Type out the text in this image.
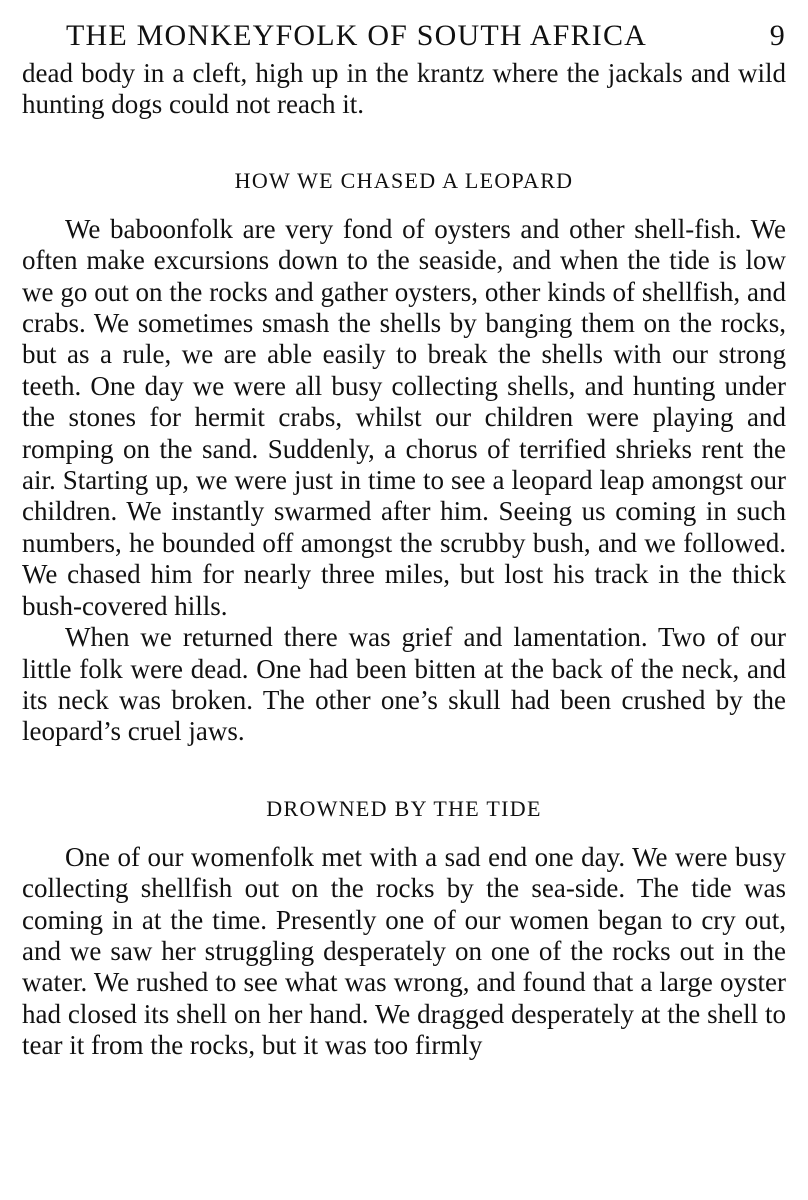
THE MONKEYFOLK OF SOUTH AFRICA	9

dead body in a cleft, high up in the krantz where the jackals and wild hunting dogs could not reach it.

HOW WE CHASED A LEOPARD

We baboonfolk are very fond of oysters and other shell-fish. We often make excursions down to the seaside, and when the tide is low we go out on the rocks and gather oysters, other kinds of shellfish, and crabs. We sometimes smash the shells by banging them on the rocks, but as a rule, we are able easily to break the shells with our strong teeth. One day we were all busy collecting shells, and hunting under the stones for hermit crabs, whilst our children were playing and romping on the sand. Suddenly, a chorus of terrified shrieks rent the air. Starting up, we were just in time to see a leopard leap amongst our children. We instantly swarmed after him. Seeing us coming in such numbers, he bounded off amongst the scrubby bush, and we followed. We chased him for nearly three miles, but lost his track in the thick bush-covered hills.

When we returned there was grief and lamentation. Two of our little folk were dead. One had been bitten at the back of the neck, and its neck was broken. The other one’s skull had been crushed by the leopard’s cruel jaws.

DROWNED BY THE TIDE

One of our womenfolk met with a sad end one day. We were busy collecting shellfish out on the rocks by the sea-side. The tide was coming in at the time. Presently one of our women began to cry out, and we saw her struggling desperately on one of the rocks out in the water. We rushed to see what was wrong, and found that a large oyster had closed its shell on her hand. We dragged desperately at the shell to tear it from the rocks, but it was too firmly
